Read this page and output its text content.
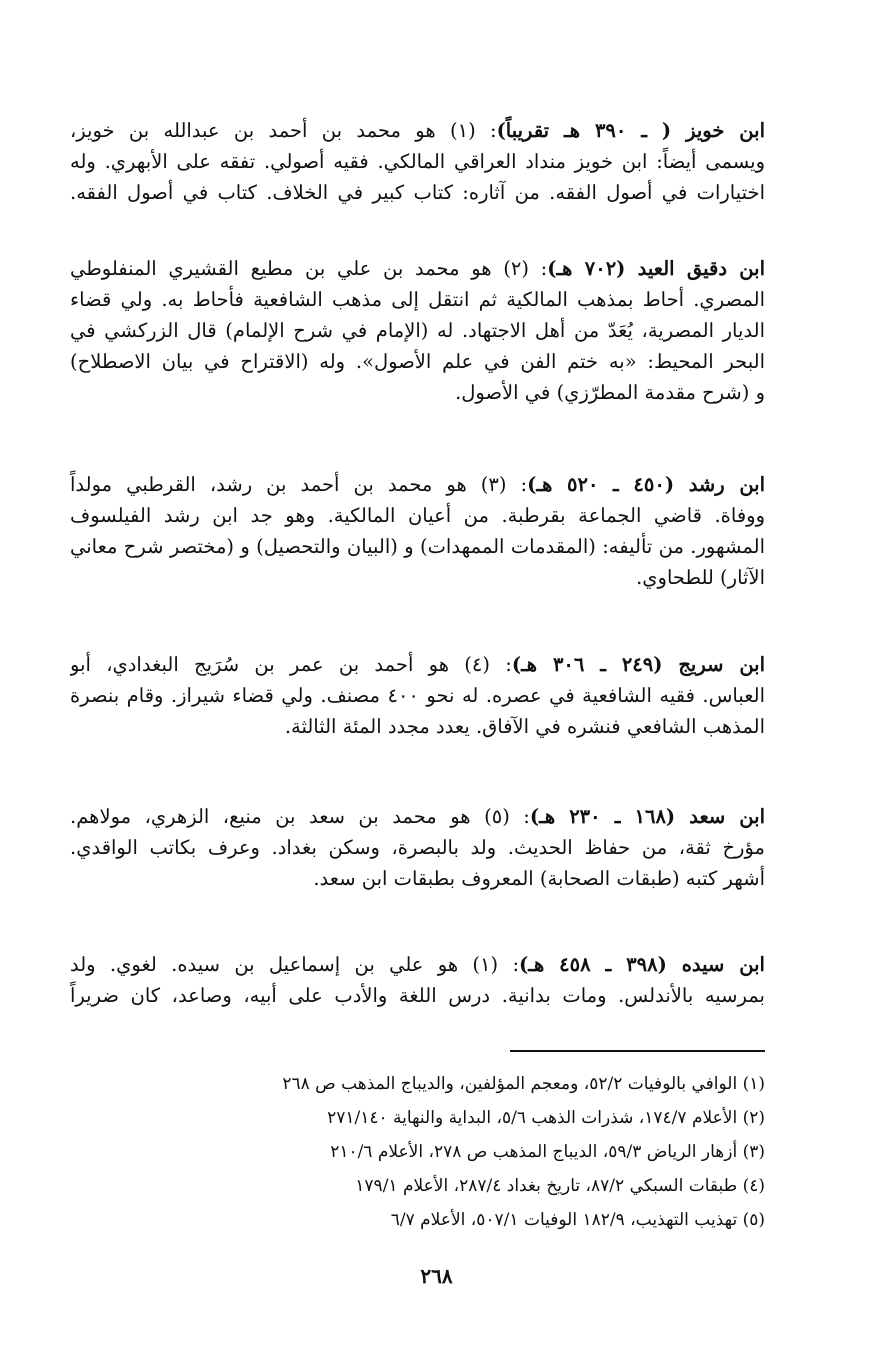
ابن خويز ( ـ ٣٩٠ هـ تقريباً): (١) هو محمد بن أحمد بن عبدالله بن خويز،
ويسمى أيضاً: ابن خويز منداد العراقي المالكي. فقيه أصولي. تفقه على الأبهري. وله
اختيارات في أصول الفقه. من آثاره: كتاب كبير في الخلاف. كتاب في أصول الفقه.
ابن دقيق العيد (٧٠٢ هـ): (٢) هو محمد بن علي بن مطيع القشيري المنفلوطي
المصري. أحاط بمذهب المالكية ثم انتقل إلى مذهب الشافعية فأحاط به. ولي قضاء
الديار المصرية، يُعَدّ من أهل الاجتهاد. له (الإمام في شرح الإلمام) قال الزركشي في
البحر المحيط: «به ختم الفن في علم الأصول». وله (الاقتراح في بيان الاصطلاح)
و (شرح مقدمة المطرّزي) في الأصول.
ابن رشد (٤٥٠ ـ ٥٢٠ هـ): (٣) هو محمد بن أحمد بن رشد، القرطبي مولداً
ووفاة. قاضي الجماعة بقرطبة. من أعيان المالكية. وهو جد ابن رشد الفيلسوف
المشهور. من تأليفه: (المقدمات الممهدات) و (البيان والتحصيل) و (مختصر شرح معاني
الآثار) للطحاوي.
ابن سريج (٢٤٩ ـ ٣٠٦ هـ): (٤) هو أحمد بن عمر بن سُرَيج البغدادي، أبو
العباس. فقيه الشافعية في عصره. له نحو ٤٠٠ مصنف. ولي قضاء شيراز. وقام بنصرة
المذهب الشافعي فنشره في الآفاق. يعدد مجدد المئة الثالثة.
ابن سعد (١٦٨ ـ ٢٣٠ هـ): (٥) هو محمد بن سعد بن منيع، الزهري، مولاهم.
مؤرخ ثقة، من حفاظ الحديث. ولد بالبصرة، وسكن بغداد. وعرف بكاتب الواقدي.
أشهر كتبه (طبقات الصحابة) المعروف بطبقات ابن سعد.
ابن سيده (٣٩٨ ـ ٤٥٨ هـ): (١) هو علي بن إسماعيل بن سيده. لغوي. ولد
بمرسيه بالأندلس. ومات بدانية. درس اللغة والأدب على أبيه، وصاعد، كان ضريراً
(١) الوافي بالوفيات ٥٢/٢، ومعجم المؤلفين، والديباج المذهب ص ٢٦٨
(٢) الأعلام ١٧٤/٧، شذرات الذهب ٥/٦، البداية والنهاية ٢٧١/١٤٠
(٣) أزهار الرياض ٥٩/٣، الديباج المذهب ص ٢٧٨، الأعلام ٢١٠/٦
(٤) طبقات السبكي ٨٧/٢، تاريخ بغداد ٢٨٧/٤، الأعلام ١٧٩/١
(٥) تهذيب التهذيب، ١٨٢/٩ الوفيات ٥٠٧/١، الأعلام ٦/٧
٢٦٨
